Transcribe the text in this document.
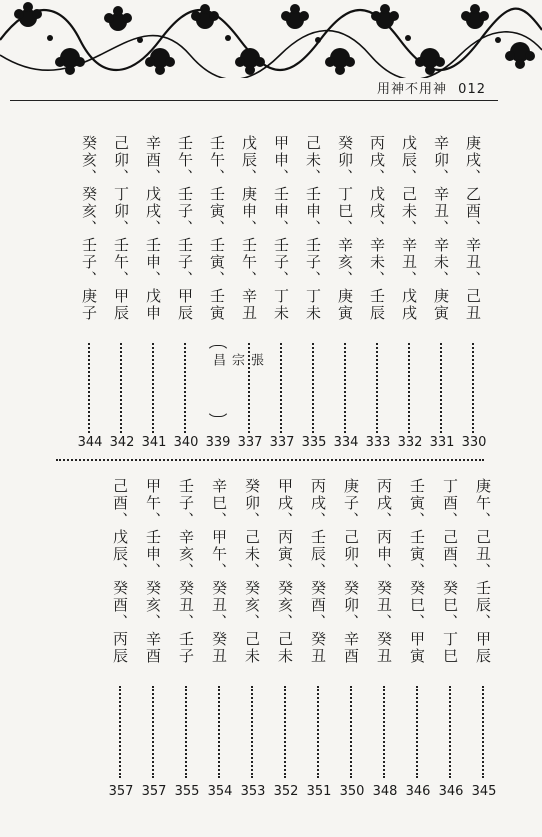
用神不用神 012
庚戌、乙酉、辛丑、己丑
330
辛卯、辛丑、辛未、庚寅
331
戊辰、己未、辛丑、戊戌
332
丙戌、戊戌、辛未、壬辰
333
癸卯、丁巳、辛亥、庚寅
334
己未、壬申、壬子、丁未
335
甲申、壬申、壬子、丁未
337
戊辰、庚申、壬午、辛丑
337
壬午、壬寅、壬寅、壬寅
張宗昌
339
壬午、壬子、壬子、甲辰
340
辛酉、戊戌、壬申、戊申
341
己卯、丁卯、壬午、甲辰
342
癸亥、癸亥、壬子、庚子
344
庚午、己丑、壬辰、甲辰
345
丁酉、己酉、癸巳、丁巳
346
壬寅、壬寅、癸巳、甲寅
346
丙戌、丙申、癸丑、癸丑
348
庚子、己卯、癸卯、辛酉
350
丙戌、壬辰、癸酉、癸丑
351
甲戌、丙寅、癸亥、己未
352
癸卯、己未、癸亥、己未
353
辛巳、甲午、癸丑、癸丑
354
壬子、辛亥、癸丑、壬子
355
甲午、壬申、癸亥、辛酉
357
己酉、戊辰、癸酉、丙辰
357
